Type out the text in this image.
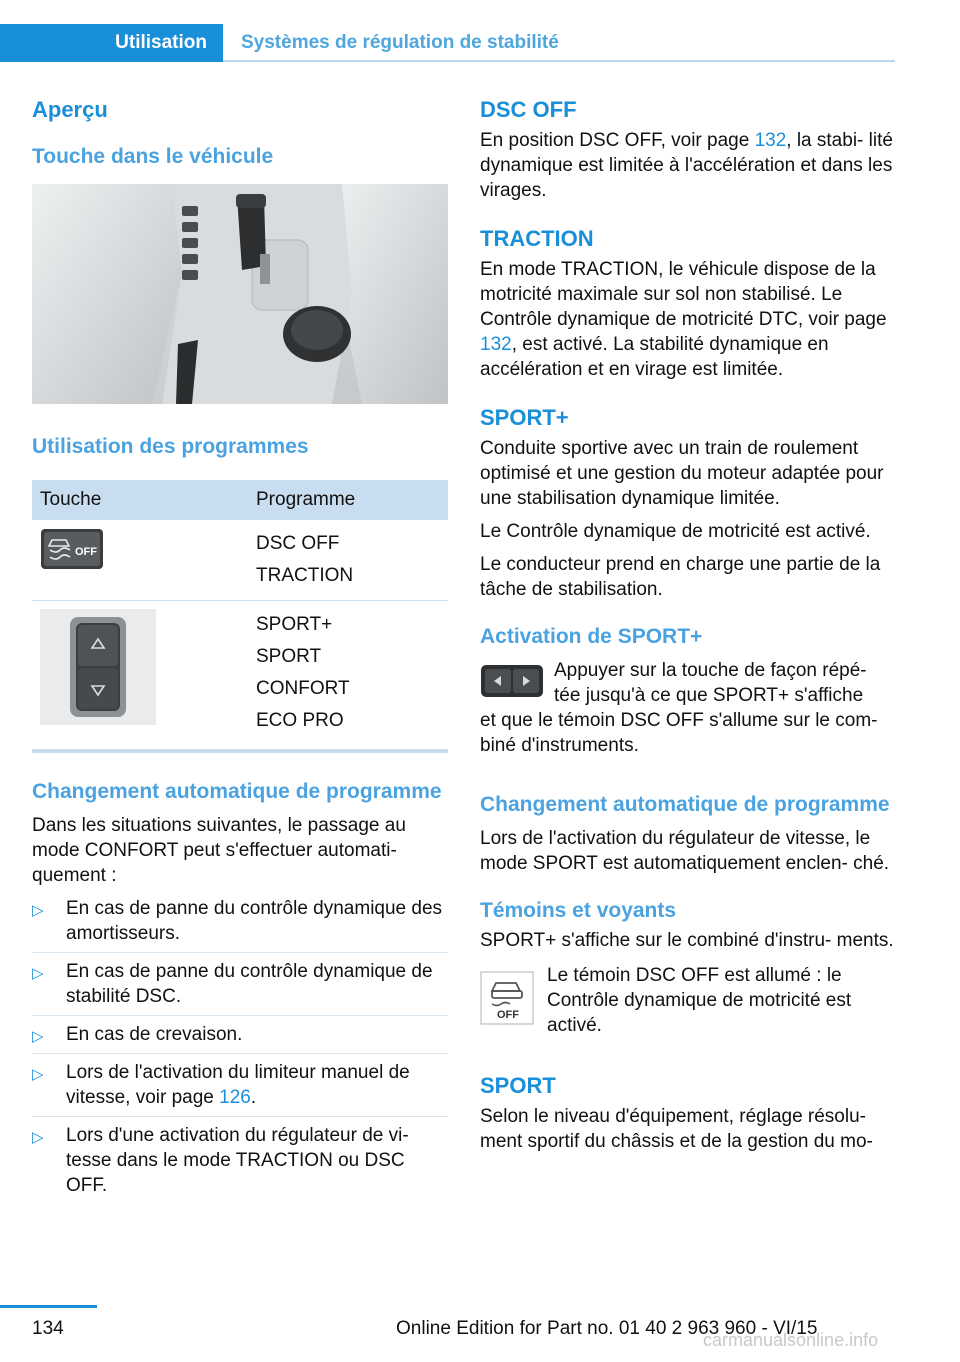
Utilisation	Systèmes de régulation de stabilité
Aperçu
Touche dans le véhicule
Utilisation des programmes
Touche	Programme

OFF	DSC OFF
TRACTION

SPORT+
SPORT
CONFORT
ECO PRO
Changement automatique de programme

Dans les situations suivantes, le passage au mode CONFORT peut s'effectuer automati‐ quement :

▷ En cas de panne du contrôle dynamique des amortisseurs.
▷ En cas de panne du contrôle dynamique de stabilité DSC.
▷ En cas de crevaison.
▷ Lors de l'activation du limiteur manuel de vitesse, voir page 126.
▷ Lors d'une activation du régulateur de vi‐ tesse dans le mode TRACTION ou DSC OFF.
DSC OFF

En position DSC OFF, voir page 132, la stabi‐ lité dynamique est limitée à l'accélération et dans les virages.

TRACTION

En mode TRACTION, le véhicule dispose de la motricité maximale sur sol non stabilisé. Le Contrôle dynamique de motricité DTC, voir page 132, est activé. La stabilité dynamique en accélération et en virage est limitée.

SPORT+

Conduite sportive avec un train de roulement optimisé et une gestion du moteur adaptée pour une stabilisation dynamique limitée.

Le Contrôle dynamique de motricité est activé.

Le conducteur prend en charge une partie de la tâche de stabilisation.

Activation de SPORT+

Appuyer sur la touche de façon répé‐ tée jusqu'à ce que SPORT+ s'affiche

et que le témoin DSC OFF s'allume sur le com‐ biné d'instruments.

Changement automatique de programme

Lors de l'activation du régulateur de vitesse, le mode SPORT est automatiquement enclen‐ ché.

Témoins et voyants

SPORT+ s'affiche sur le combiné d'instru‐ ments.

OFF

Le témoin DSC OFF est allumé : le Contrôle dynamique de motricité est activé.

SPORT

Selon le niveau d'équipement, réglage résolu‐ ment sportif du châssis et de la gestion du mo‐

134	Online Edition for Part no. 01 40 2 963 960 - VI/15
carmanualsonline.info
